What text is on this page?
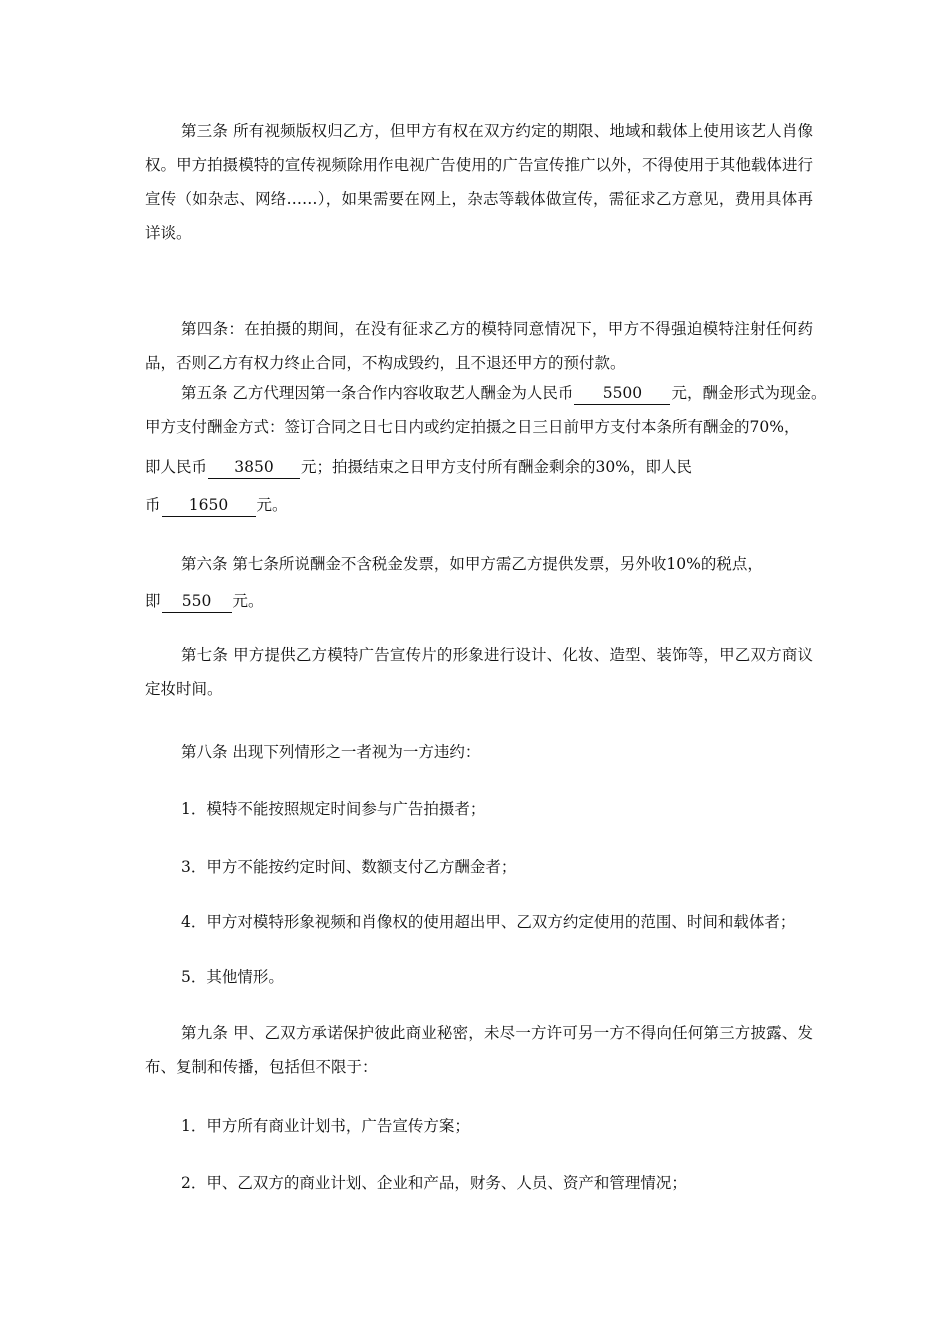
第三条 所有视频版权归乙方，但甲方有权在双方约定的期限、地域和载体上使用该艺人肖像权。甲方拍摄模特的宣传视频除用作电视广告使用的广告宣传推广以外，不得使用于其他载体进行宣传（如杂志、网络……），如果需要在网上，杂志等载体做宣传，需征求乙方意见，费用具体再详谈。
第四条：在拍摄的期间，在没有征求乙方的模特同意情况下，甲方不得强迫模特注射任何药品，否则乙方有权力终止合同，不构成毁约，且不退还甲方的预付款。
第五条 乙方代理因第一条合作内容收取艺人酬金为人民币 5500 元，酬金形式为现金。
甲方支付酬金方式：签订合同之日七日内或约定拍摄之日三日前甲方支付本条所有酬金的70%，
即人民币 3850 元；拍摄结束之日甲方支付所有酬金剩余的30%，即人民
币 1650 元。
第六条 第七条所说酬金不含税金发票，如甲方需乙方提供发票，另外收10%的税点，
即 550 元。
第七条 甲方提供乙方模特广告宣传片的形象进行设计、化妆、造型、装饰等，甲乙双方商议定妆时间。
第八条 出现下列情形之一者视为一方违约：
1．模特不能按照规定时间参与广告拍摄者；
3．甲方不能按约定时间、数额支付乙方酬金者；
4．甲方对模特形象视频和肖像权的使用超出甲、乙双方约定使用的范围、时间和载体者；
5．其他情形。
第九条 甲、乙双方承诺保护彼此商业秘密，未尽一方许可另一方不得向任何第三方披露、发布、复制和传播，包括但不限于：
1．甲方所有商业计划书，广告宣传方案；
2．甲、乙双方的商业计划、企业和产品，财务、人员、资产和管理情况；
